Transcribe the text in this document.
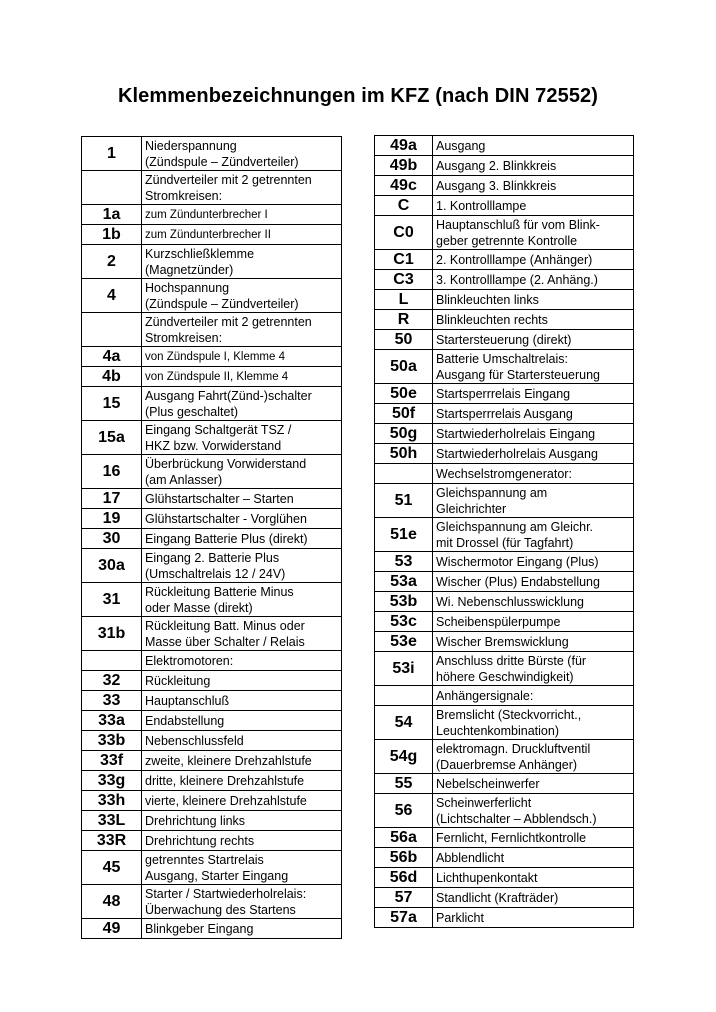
Klemmenbezeichnungen im KFZ (nach DIN 72552)
1	Niederspannung
(Zündspule – Zündverteiler)

	Zündverteiler mit 2 getrennten
Stromkreisen:

1a	zum Zündunterbrecher I

1b	zum Zündunterbrecher II

2	Kurzschließklemme
(Magnetzünder)

4	Hochspannung
(Zündspule – Zündverteiler)

	Zündverteiler mit 2 getrennten
Stromkreisen:

4a	von Zündspule I, Klemme 4

4b	von Zündspule II, Klemme 4

15	Ausgang Fahrt(Zünd-)schalter
(Plus geschaltet)

15a	Eingang Schaltgerät TSZ /
HKZ bzw. Vorwiderstand

16	Überbrückung Vorwiderstand
(am Anlasser)

17	Glühstartschalter – Starten

19	Glühstartschalter - Vorglühen

30	Eingang Batterie Plus (direkt)

30a	Eingang 2. Batterie Plus
(Umschaltrelais 12 / 24V)

31	Rückleitung Batterie Minus
oder Masse (direkt)

31b	Rückleitung Batt. Minus oder
Masse über Schalter / Relais

	Elektromotoren:

32	Rückleitung

33	Hauptanschluß

33a	Endabstellung

33b	Nebenschlussfeld

33f	zweite, kleinere Drehzahlstufe

33g	dritte, kleinere Drehzahlstufe

33h	vierte, kleinere Drehzahlstufe

33L	Drehrichtung links

33R	Drehrichtung rechts

45	getrenntes Startrelais
Ausgang, Starter Eingang

48	Starter / Startwiederholrelais:
Überwachung des Startens

49	Blinkgeber Eingang
49a	Ausgang

49b	Ausgang 2. Blinkkreis

49c	Ausgang 3. Blinkkreis

C	1. Kontrolllampe

C0	Hauptanschluß für vom Blink-
geber getrennte Kontrolle

C1	2. Kontrolllampe (Anhänger)

C3	3. Kontrolllampe (2. Anhäng.)

L	Blinkleuchten links

R	Blinkleuchten rechts

50	Startersteuerung (direkt)

50a	Batterie Umschaltrelais:
Ausgang für Startersteuerung

50e	Startsperrrelais Eingang

50f	Startsperrrelais Ausgang

50g	Startwiederholrelais Eingang

50h	Startwiederholrelais Ausgang

	Wechselstromgenerator:

51	Gleichspannung am
Gleichrichter

51e	Gleichspannung am Gleichr.
mit Drossel (für Tagfahrt)

53	Wischermotor Eingang (Plus)

53a	Wischer (Plus) Endabstellung

53b	Wi. Nebenschlusswicklung

53c	Scheibenspülerpumpe

53e	Wischer Bremswicklung

53i	Anschluss dritte Bürste (für
höhere Geschwindigkeit)

	Anhängersignale:

54	Bremslicht (Steckvorricht.,
Leuchtenkombination)

54g	elektromagn. Druckluftventil
(Dauerbremse Anhänger)

55	Nebelscheinwerfer

56	Scheinwerferlicht
(Lichtschalter – Abblendsch.)

56a	Fernlicht, Fernlichtkontrolle

56b	Abblendlicht

56d	Lichthupenkontakt

57	Standlicht (Krafträder)

57a	Parklicht
